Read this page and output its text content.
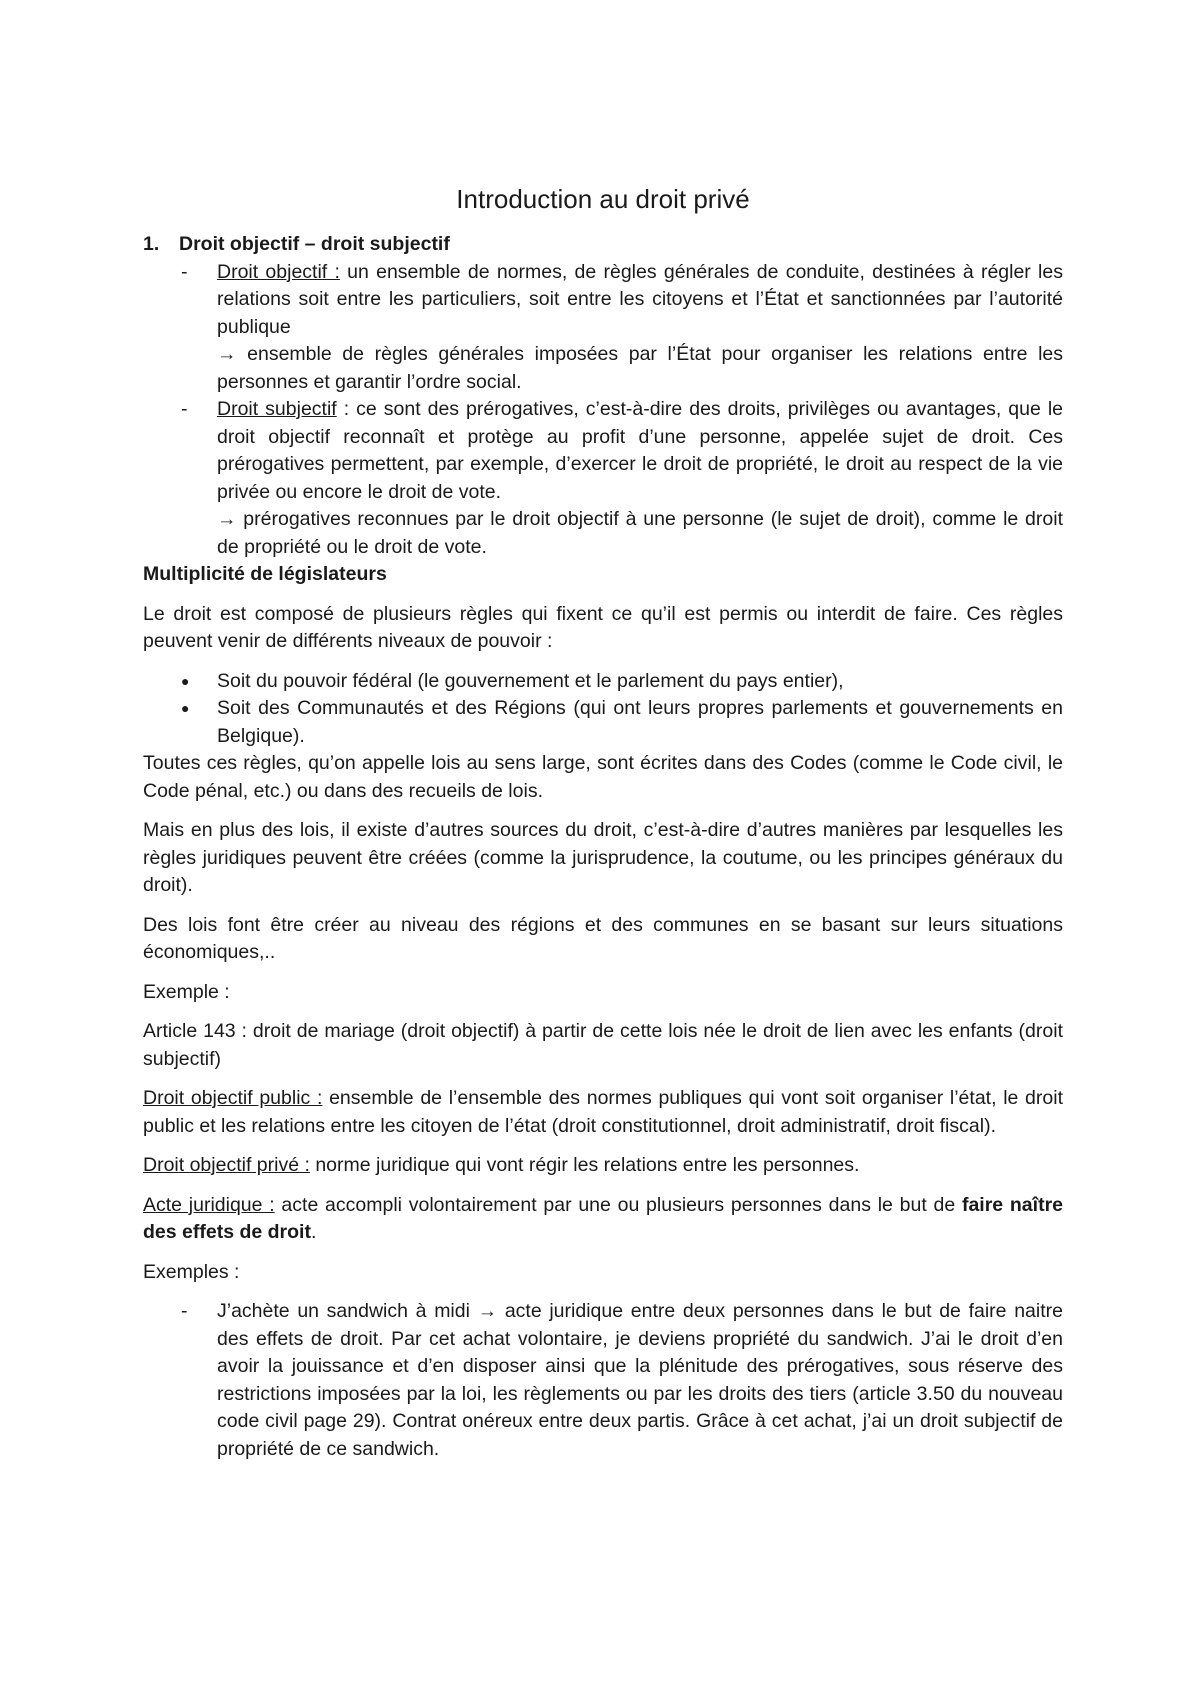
Introduction au droit privé
1.	Droit objectif – droit subjectif
-	Droit objectif : un ensemble de normes, de règles générales de conduite, destinées à régler les relations soit entre les particuliers, soit entre les citoyens et l’État et sanctionnées par l’autorité publique

→ ensemble de règles générales imposées par l’État pour organiser les relations entre les personnes et garantir l’ordre social.

-	Droit subjectif : ce sont des prérogatives, c’est-à-dire des droits, privilèges ou avantages, que le droit objectif reconnaît et protège au profit d’une personne, appelée sujet de droit. Ces prérogatives permettent, par exemple, d’exercer le droit de propriété, le droit au respect de la vie privée ou encore le droit de vote.

→ prérogatives reconnues par le droit objectif à une personne (le sujet de droit), comme le droit de propriété ou le droit de vote.

Multiplicité de législateurs

Le droit est composé de plusieurs règles qui fixent ce qu’il est permis ou interdit de faire. Ces règles peuvent venir de différents niveaux de pouvoir :

●	Soit du pouvoir fédéral (le gouvernement et le parlement du pays entier),
●	Soit des Communautés et des Régions (qui ont leurs propres parlements et gouvernements en Belgique).

Toutes ces règles, qu’on appelle lois au sens large, sont écrites dans des Codes (comme le Code civil, le Code pénal, etc.) ou dans des recueils de lois.

Mais en plus des lois, il existe d’autres sources du droit, c’est-à-dire d’autres manières par lesquelles les règles juridiques peuvent être créées (comme la jurisprudence, la coutume, ou les principes généraux du droit).

Des lois font être créer au niveau des régions et des communes en se basant sur leurs situations économiques,..

Exemple :

Article 143 : droit de mariage (droit objectif) à partir de cette lois née le droit de lien avec les enfants (droit subjectif)

Droit objectif public : ensemble de l’ensemble des normes publiques qui vont soit organiser l’état, le droit public et les relations entre les citoyen de l’état (droit constitutionnel, droit administratif, droit fiscal).

Droit objectif privé : norme juridique qui vont régir les relations entre les personnes.

Acte juridique : acte accompli volontairement par une ou plusieurs personnes dans le but de faire naître des effets de droit.

Exemples :

-	J’achète un sandwich à midi → acte juridique entre deux personnes dans le but de faire naitre des effets de droit. Par cet achat volontaire, je deviens propriété du sandwich. J’ai le droit d’en avoir la jouissance et d’en disposer ainsi que la plénitude des prérogatives, sous réserve des restrictions imposées par la loi, les règlements ou par les droits des tiers (article 3.50 du nouveau code civil page 29). Contrat onéreux entre deux partis. Grâce à cet achat, j’ai un droit subjectif de propriété de ce sandwich.
